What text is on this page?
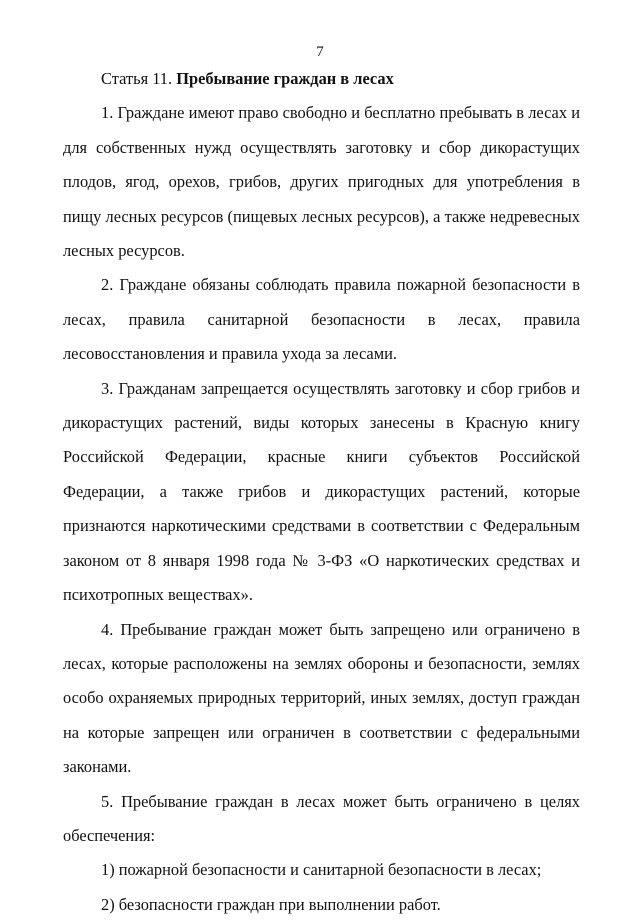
7

Статья 11. Пребывание граждан в лесах

1. Граждане имеют право свободно и бесплатно пребывать в лесах и для собственных нужд осуществлять заготовку и сбор дикорастущих плодов, ягод, орехов, грибов, других пригодных для употребления в пищу лесных ресурсов (пищевых лесных ресурсов), а также недревесных лесных ресурсов.

2. Граждане обязаны соблюдать правила пожарной безопасности в лесах, правила санитарной безопасности в лесах, правила лесовосстановления и правила ухода за лесами.

3. Гражданам запрещается осуществлять заготовку и сбор грибов и дикорастущих растений, виды которых занесены в Красную книгу Российской Федерации, красные книги субъектов Российской Федерации, а также грибов и дикорастущих растений, которые признаются наркотическими средствами в соответствии с Федеральным законом от 8 января 1998 года № 3-ФЗ «О наркотических средствах и психотропных веществах».

4. Пребывание граждан может быть запрещено или ограничено в лесах, которые расположены на землях обороны и безопасности, землях особо охраняемых природных территорий, иных землях, доступ граждан на которые запрещен или ограничен в соответствии с федеральными законами.

5. Пребывание граждан в лесах может быть ограничено в целях обеспечения:

1) пожарной безопасности и санитарной безопасности в лесах;

2) безопасности граждан при выполнении работ.
